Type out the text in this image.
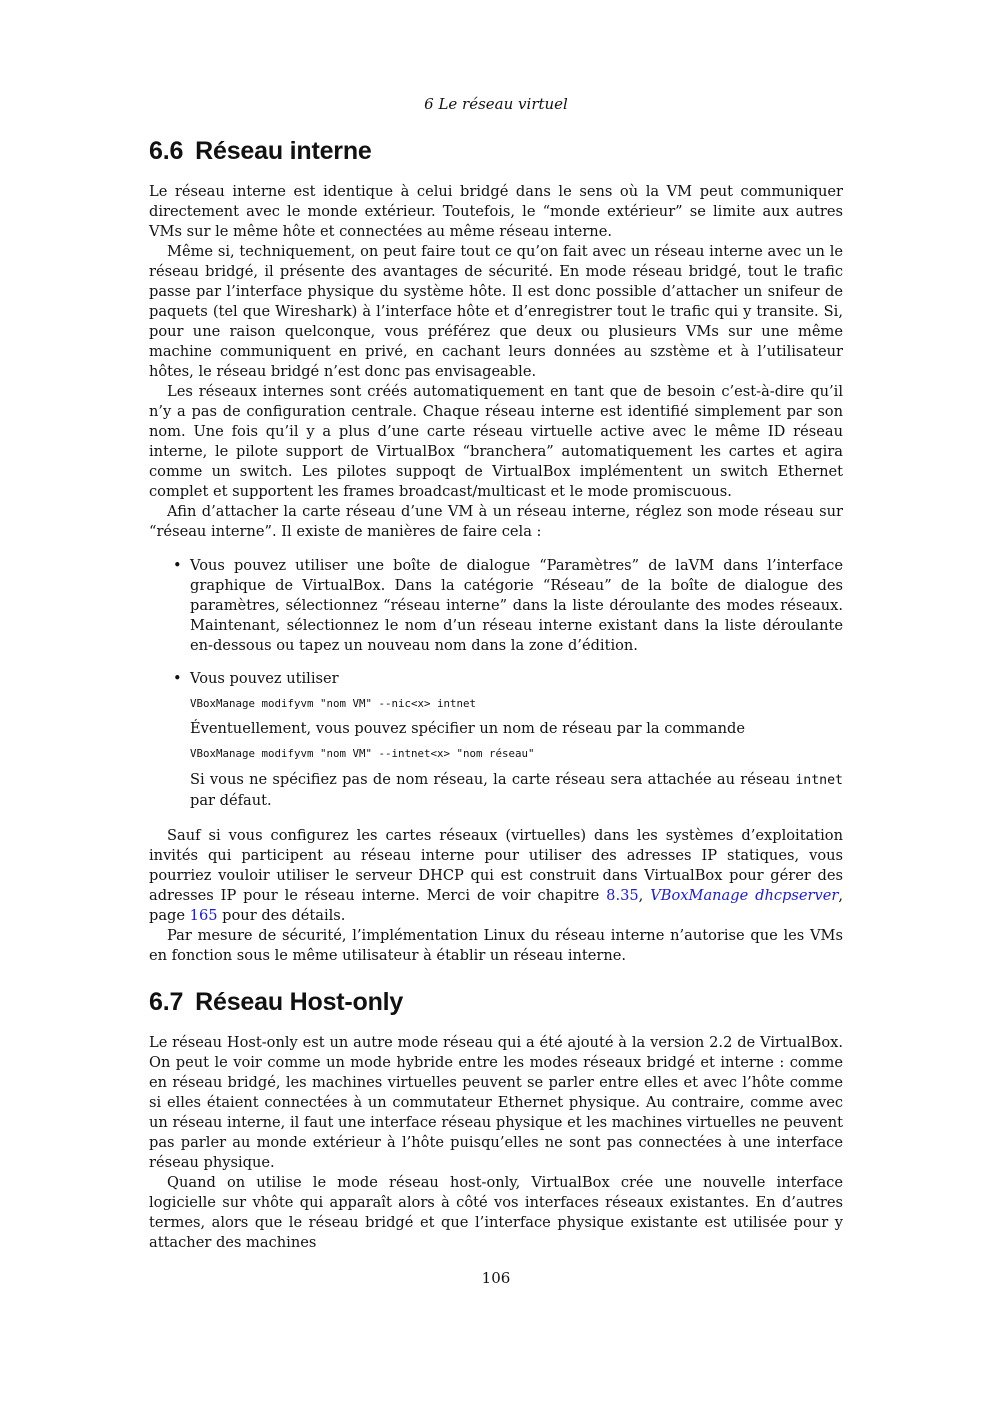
6 Le réseau virtuel
6.6 Réseau interne

Le réseau interne est identique à celui bridgé dans le sens où la VM peut communiquer directement avec le monde extérieur. Toutefois, le “monde extérieur” se limite aux autres VMs sur le même hôte et connectées au même réseau interne.

Même si, techniquement, on peut faire tout ce qu’on fait avec un réseau interne avec un le réseau bridgé, il présente des avantages de sécurité. En mode réseau bridgé, tout le trafic passe par l’interface physique du système hôte. Il est donc possible d’attacher un snifeur de paquets (tel que Wireshark) à l’interface hôte et d’enregistrer tout le trafic qui y transite. Si, pour une raison quelconque, vous préférez que deux ou plusieurs VMs sur une même machine communiquent en privé, en cachant leurs données au szstème et à l’utilisateur hôtes, le réseau bridgé n’est donc pas envisageable.

Les réseaux internes sont créés automatiquement en tant que de besoin c’est-à-dire qu’il n’y a pas de configuration centrale. Chaque réseau interne est identifié simplement par son nom. Une fois qu’il y a plus d’une carte réseau virtuelle active avec le même ID réseau interne, le pilote support de VirtualBox “branchera” automatiquement les cartes et agira comme un switch. Les pilotes suppoqt de VirtualBox implémentent un switch Ethernet complet et supportent les frames broadcast/multicast et le mode promiscuous.

Afin d’attacher la carte réseau d’une VM à un réseau interne, réglez son mode réseau sur “réseau interne”. Il existe de manières de faire cela :

• Vous pouvez utiliser une boîte de dialogue “Paramètres” de laVM dans l’interface graphique de VirtualBox. Dans la catégorie “Réseau” de la boîte de dialogue des paramètres, sélectionnez “réseau interne” dans la liste déroulante des modes réseaux. Maintenant, sélectionnez le nom d’un réseau interne existant dans la liste déroulante en-dessous ou tapez un nouveau nom dans la zone d’édition.

• Vous pouvez utiliser

VBoxManage modifyvm "nom VM" --nic<x> intnet

Éventuellement, vous pouvez spécifier un nom de réseau par la commande

VBoxManage modifyvm "nom VM" --intnet<x> "nom réseau"

Si vous ne spécifiez pas de nom réseau, la carte réseau sera attachée au réseau intnet par défaut.

Sauf si vous configurez les cartes réseaux (virtuelles) dans les systèmes d’exploitation invités qui participent au réseau interne pour utiliser des adresses IP statiques, vous pourriez vouloir utiliser le serveur DHCP qui est construit dans VirtualBox pour gérer des adresses IP pour le réseau interne. Merci de voir chapitre 8.35, VBoxManage dhcpserver, page 165 pour des détails.

Par mesure de sécurité, l’implémentation Linux du réseau interne n’autorise que les VMs en fonction sous le même utilisateur à établir un réseau interne.

6.7 Réseau Host-only

Le réseau Host-only est un autre mode réseau qui a été ajouté à la version 2.2 de VirtualBox. On peut le voir comme un mode hybride entre les modes réseaux bridgé et interne : comme en réseau bridgé, les machines virtuelles peuvent se parler entre elles et avec l’hôte comme si elles étaient connectées à un commutateur Ethernet physique. Au contraire, comme avec un réseau interne, il faut une interface réseau physique et les machines virtuelles ne peuvent pas parler au monde extérieur à l’hôte puisqu’elles ne sont pas connectées à une interface réseau physique.

Quand on utilise le mode réseau host-only, VirtualBox crée une nouvelle interface logicielle sur vhôte qui apparaît alors à côté vos interfaces réseaux existantes. En d’autres termes, alors que le réseau bridgé et que l’interface physique existante est utilisée pour y attacher des machines

106
